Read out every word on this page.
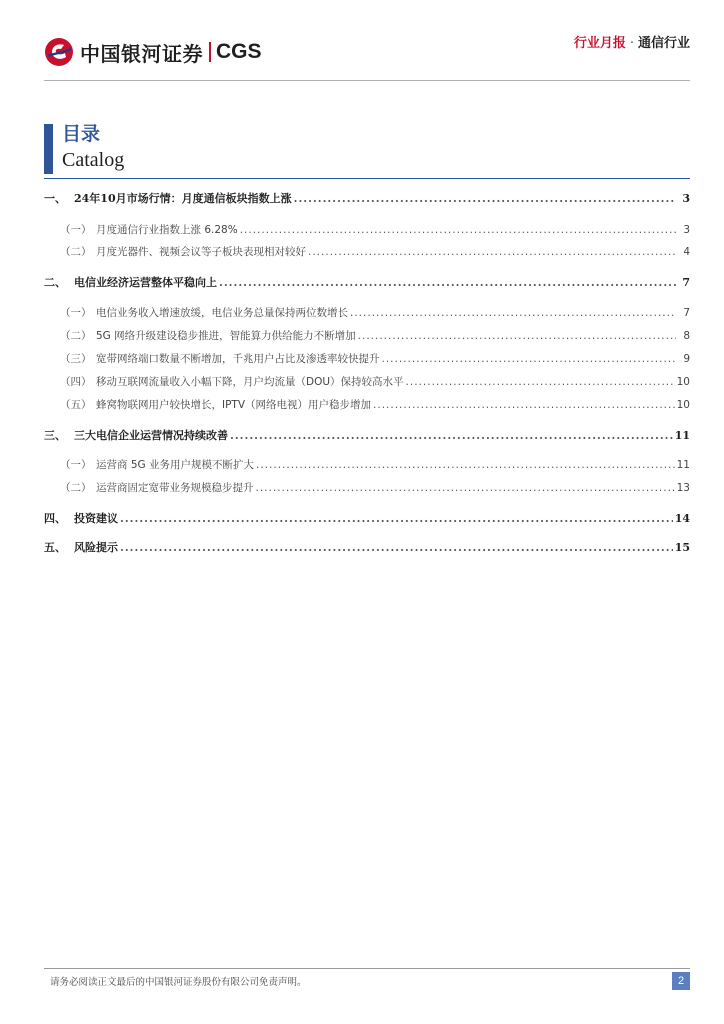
中国银河证券 CGS	行业月报 · 通信行业
目录
Catalog
一、 24年10月市场行情：月度通信板块指数上涨 .....	3
（一） 月度通信行业指数上涨 6.28% .....	3
（二） 月度光器件、视频会议等子板块表现相对较好 .....	4
二、 电信业经济运营整体平稳向上 .....	7
（一） 电信业务收入增速放缓，电信业务总量保持两位数增长 .....	7
（二） 5G 网络升级建设稳步推进，智能算力供给能力不断增加 .....	8
（三） 宽带网络端口数量不断增加，千兆用户占比及渗透率较快提升 .....	9
（四） 移动互联网流量收入小幅下降，月户均流量（DOU）保持较高水平 .....	10
（五） 蜂窝物联网用户较快增长，IPTV（网络电视）用户稳步增加 .....	10
三、 三大电信企业运营情况持续改善 .....	11
（一） 运营商 5G 业务用户规模不断扩大 .....	11
（二） 运营商固定宽带业务规模稳步提升 .....	13
四、 投资建议 .....	14
五、 风险提示 .....	15
请务必阅读正文最后的中国银河证券股份有限公司免责声明。	2
